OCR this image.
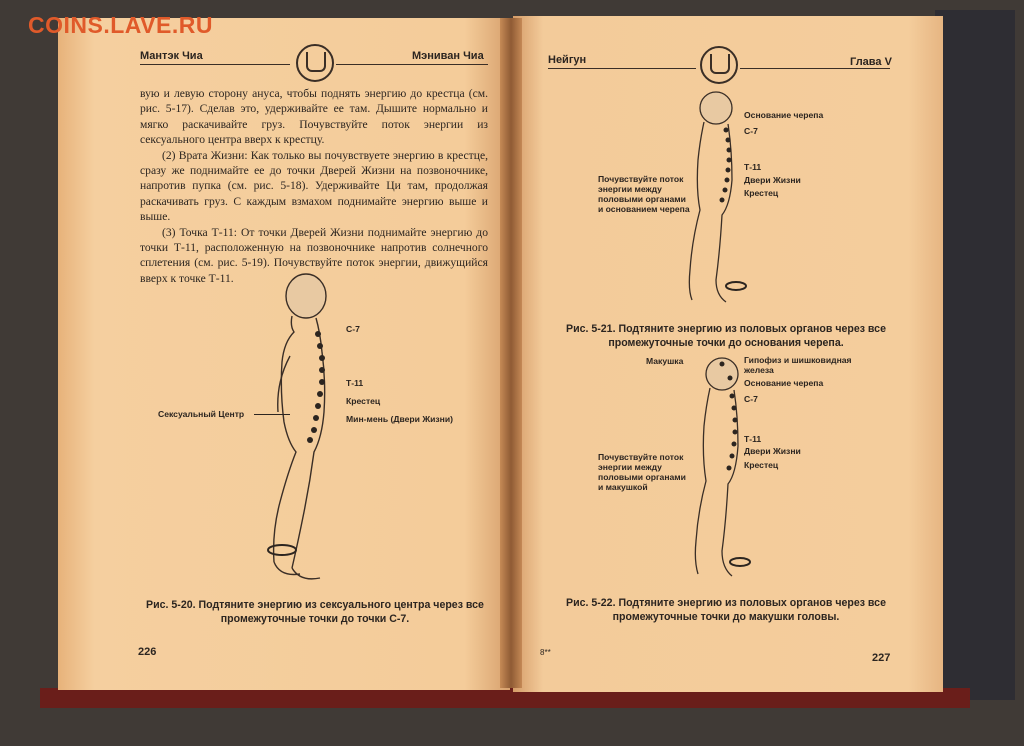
COINS.LAVE.RU
Мантэк Чиа	Мэниван Чиа

вую и левую сторону ануса, чтобы поднять энергию до крестца (см. рис. 5-17). Сделав это, удерживайте ее там. Дышите нормально и мягко раскачивайте груз. Почувствуйте поток энергии из сексуального центра вверх к крестцу.

(2) Врата Жизни: Как только вы почувствуете энергию в крестце, сразу же поднимайте ее до точки Дверей Жизни на позвоночнике, напротив пупка (см. рис. 5-18). Удерживайте Ци там, продолжая раскачивать груз. С каждым взмахом поднимайте энергию выше и выше.

(3) Точка Т-11: От точки Дверей Жизни поднимайте энергию до точки Т-11, расположенную на позвоночнике напротив солнечного сплетения (см. рис. 5-19). Почувствуйте поток энергии, движущийся вверх к точке Т-11.

С-7
Т-11
Крестец
Сексуальный Центр	Мин-мень (Двери Жизни)
Рис. 5-20. Подтяните энергию из сексуального центра через все
промежуточные точки до точки С-7.
226
Нейгун	Глава V
Основание черепа
С-7
Т-11
Двери Жизни
Крестец
Почувствуйте поток энергии между половыми органами и основанием черепа
Рис. 5-21. Подтяните энергию из половых органов через все
промежуточные точки до основания черепа.
Макушка	Гипофиз и шишковидная железа
Основание черепа
С-7
Т-11
Двери Жизни
Крестец
Почувствуйте поток энергии между половыми органами и макушкой
Рис. 5-22. Подтяните энергию из половых органов через все
промежуточные точки до макушки головы.
8**	227
